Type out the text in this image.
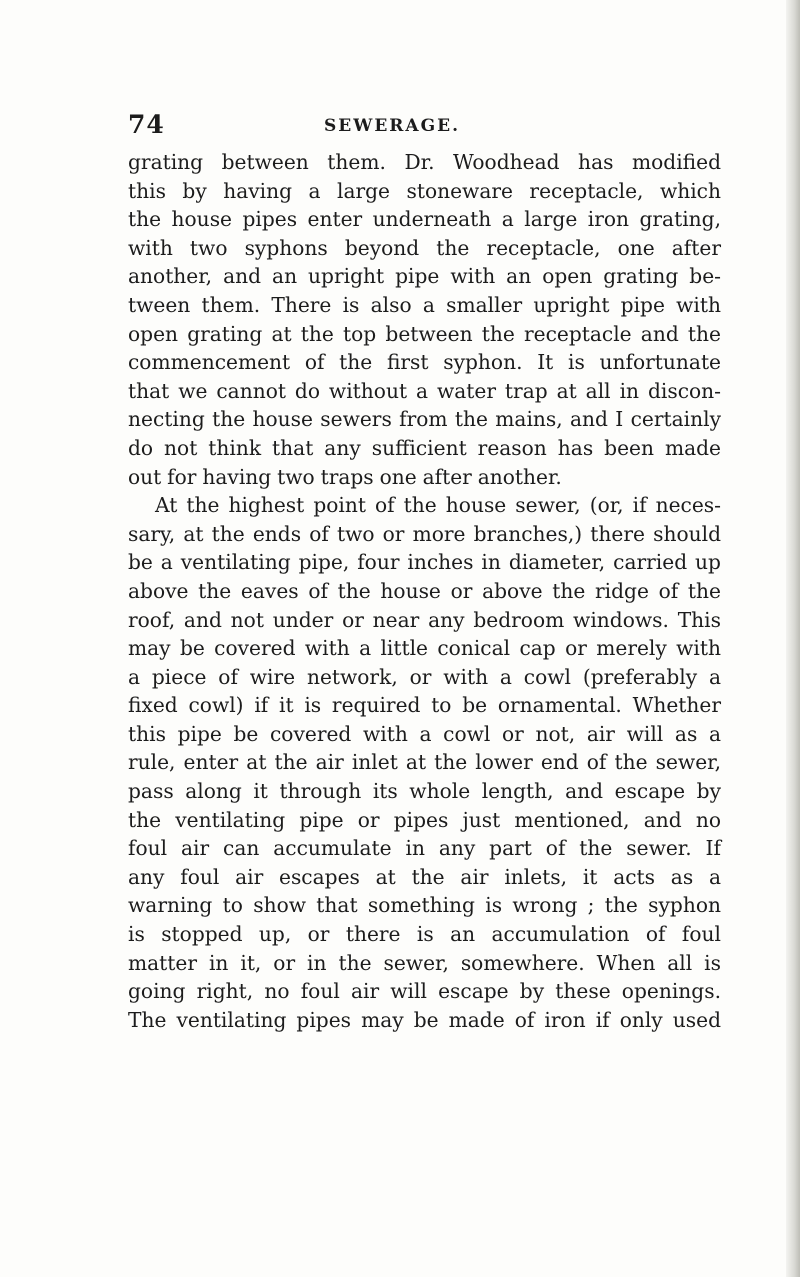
74	SEWERAGE.
grating between them. Dr. Woodhead has modified
this by having a large stoneware receptacle, which
the house pipes enter underneath a large iron grating,
with two syphons beyond the receptacle, one after
another, and an upright pipe with an open grating be-
tween them. There is also a smaller upright pipe with
open grating at the top between the receptacle and the
commencement of the first syphon. It is unfortunate
that we cannot do without a water trap at all in discon-
necting the house sewers from the mains, and I certainly
do not think that any sufficient reason has been made
out for having two traps one after another.
At the highest point of the house sewer, (or, if neces-
sary, at the ends of two or more branches,) there should
be a ventilating pipe, four inches in diameter, carried up
above the eaves of the house or above the ridge of the
roof, and not under or near any bedroom windows. This
may be covered with a little conical cap or merely with
a piece of wire network, or with a cowl (preferably a
fixed cowl) if it is required to be ornamental. Whether
this pipe be covered with a cowl or not, air will as a
rule, enter at the air inlet at the lower end of the sewer,
pass along it through its whole length, and escape by
the ventilating pipe or pipes just mentioned, and no
foul air can accumulate in any part of the sewer. If
any foul air escapes at the air inlets, it acts as a
warning to show that something is wrong ; the syphon
is stopped up, or there is an accumulation of foul
matter in it, or in the sewer, somewhere. When all is
going right, no foul air will escape by these openings.
The ventilating pipes may be made of iron if only used
